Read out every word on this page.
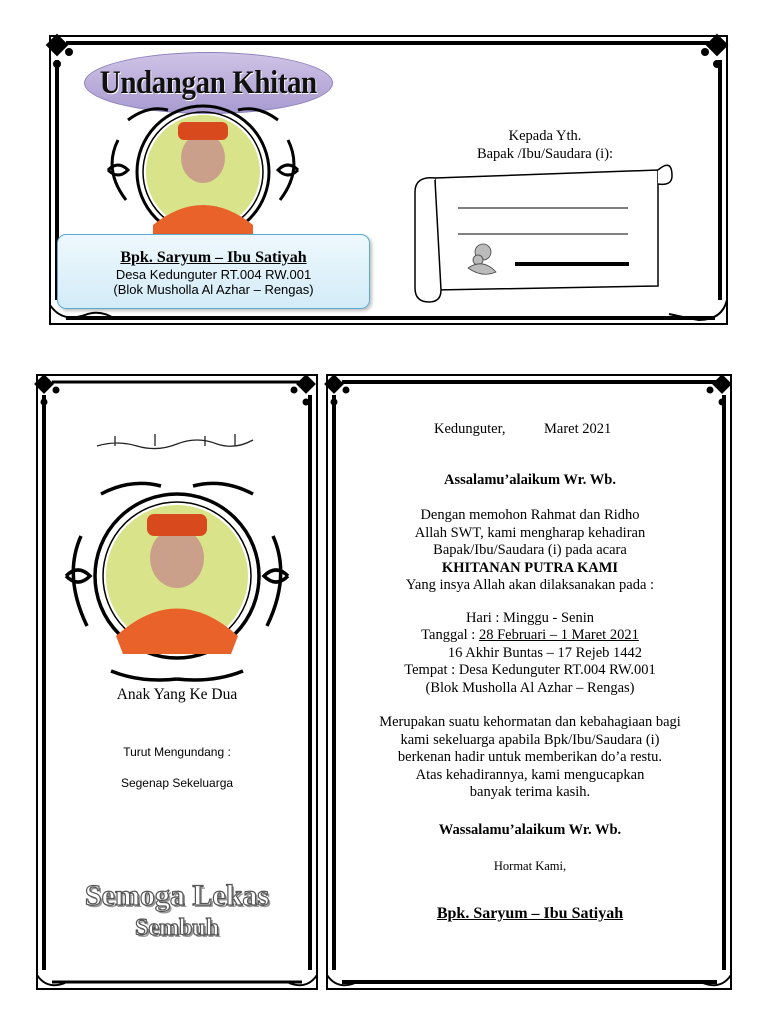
Undangan Khitan
Bpk. Saryum – Ibu Satiyah
Desa Kedunguter RT.004 RW.001
(Blok Musholla Al Azhar – Rengas)
Kepada Yth.
Bapak /Ibu/Saudara (i):
Anak Yang Ke Dua
Turut Mengundang :
Segenap Sekeluarga
Semoga Lekas
Sembuh
Kedunguter,	Maret 2021
Assalamu’alaikum Wr. Wb.
Dengan memohon Rahmat dan Ridho
Allah SWT, kami mengharap kehadiran
Bapak/Ibu/Saudara (i) pada acara
KHITANAN PUTRA KAMI
Yang insya Allah akan dilaksanakan pada :
Hari : Minggu - Senin
Tanggal : 28 Februari – 1 Maret 2021
16 Akhir Buntas – 17 Rejeb 1442
Tempat : Desa Kedunguter RT.004 RW.001
(Blok Musholla Al Azhar – Rengas)
Merupakan suatu kehormatan dan kebahagiaan bagi
kami sekeluarga apabila Bpk/Ibu/Saudara (i)
berkenan hadir untuk memberikan do’a restu.
Atas kehadirannya, kami mengucapkan
banyak terima kasih.
Wassalamu’alaikum Wr. Wb.
Hormat Kami,
Bpk. Saryum – Ibu Satiyah
